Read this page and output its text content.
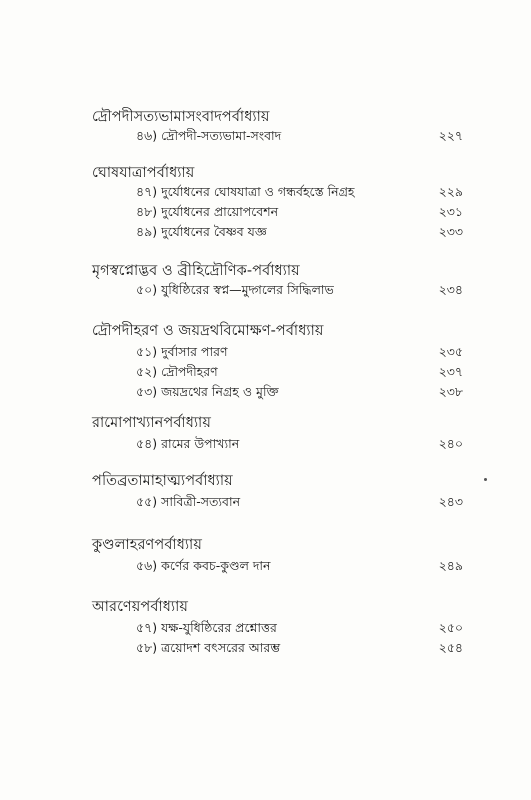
দ্রৌপদীসত্যভামাসংবাদপর্বাধ্যায়
৪৬) দ্রৌপদী-সত্যভামা-সংবাদ	২২৭
ঘোষযাত্রাপর্বাধ্যায়
৪৭) দুর্যোধনের ঘোষযাত্রা ও গন্ধর্বহস্তে নিগ্রহ	২২৯
৪৮) দুর্যোধনের প্রায়োপবেশন	২৩১
৪৯) দুর্যোধনের বৈষ্ণব যজ্ঞ	২৩৩
মৃগস্বপ্নোদ্ভব ও ব্রীহিদ্রৌণিক-পর্বাধ্যায়
৫০) যুধিষ্ঠিরের স্বপ্ন—মুদ্গলের সিদ্ধিলাভ	২৩৪
দ্রৌপদীহরণ ও জয়দ্রথবিমোক্ষণ-পর্বাধ্যায়
৫১) দুর্বাসার পারণ	২৩৫
৫২) দ্রৌপদীহরণ	২৩৭
৫৩) জয়দ্রথের নিগ্রহ ও মুক্তি	২৩৮
রামোপাখ্যানপর্বাধ্যায়
৫৪) রামের উপাখ্যান	২৪০
পতিব্রতামাহাত্ম্যপর্বাধ্যায়
৫৫) সাবিত্রী-সত্যবান	২৪৩
কুণ্ডলাহরণপর্বাধ্যায়
৫৬) কর্ণের কবচ-কুণ্ডল দান	২৪৯
আরণেয়পর্বাধ্যায়
৫৭) যক্ষ-যুধিষ্ঠিরের প্রশ্নোত্তর	২৫০
৫৮) ত্রয়োদশ বৎসরের আরম্ভ	২৫৪
